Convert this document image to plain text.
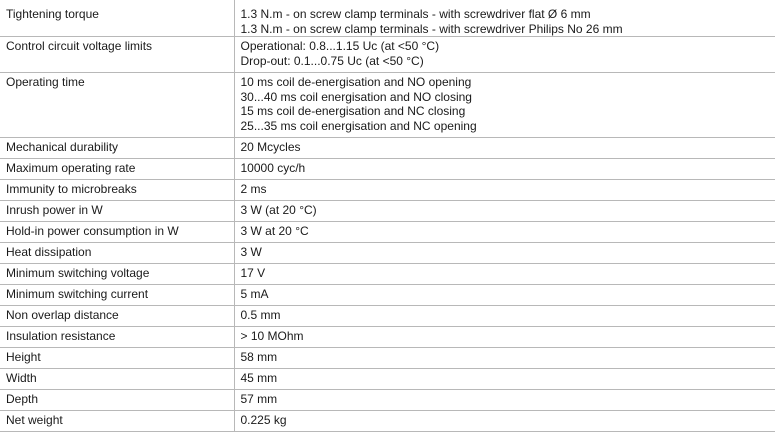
Tightening torque	1.3 N.m - on screw clamp terminals - with screwdriver flat Ø 6 mm
1.3 N.m - on screw clamp terminals - with screwdriver Philips No 26 mm

Control circuit voltage limits	Operational: 0.8...1.15 Uc (at <50 °C)
Drop-out: 0.1...0.75 Uc (at <50 °C)

Operating time	10 ms coil de-energisation and NO opening
30...40 ms coil energisation and NO closing
15 ms coil de-energisation and NC closing
25...35 ms coil energisation and NC opening

Mechanical durability	20 Mcycles

Maximum operating rate	10000 cyc/h

Immunity to microbreaks	2 ms

Inrush power in W	3 W (at 20 °C)

Hold-in power consumption in W	3 W at 20 °C

Heat dissipation	3 W

Minimum switching voltage	17 V

Minimum switching current	5 mA

Non overlap distance	0.5 mm

Insulation resistance	> 10 MOhm

Height	58 mm

Width	45 mm

Depth	57 mm

Net weight	0.225 kg
